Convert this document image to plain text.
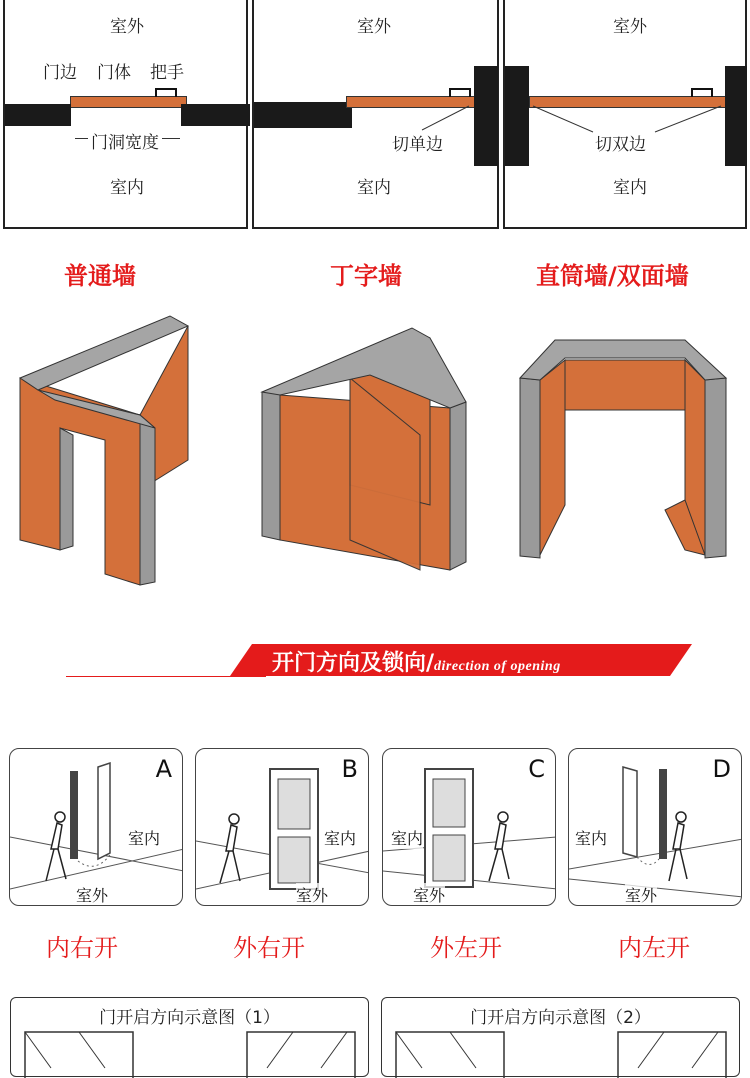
室外
门边 门体 把手
门洞宽度
室内
室外
切单边
室内
室外
切双边
室内
普通墙	丁字墙	直筒墙/双面墙
开门方向及锁向/direction of opening
A
室内
室外
B
室内
室外
C
室内
室外
D
室内
室外
内右开	外右开	外左开	内左开
门开启方向示意图（1）	门开启方向示意图（2）
